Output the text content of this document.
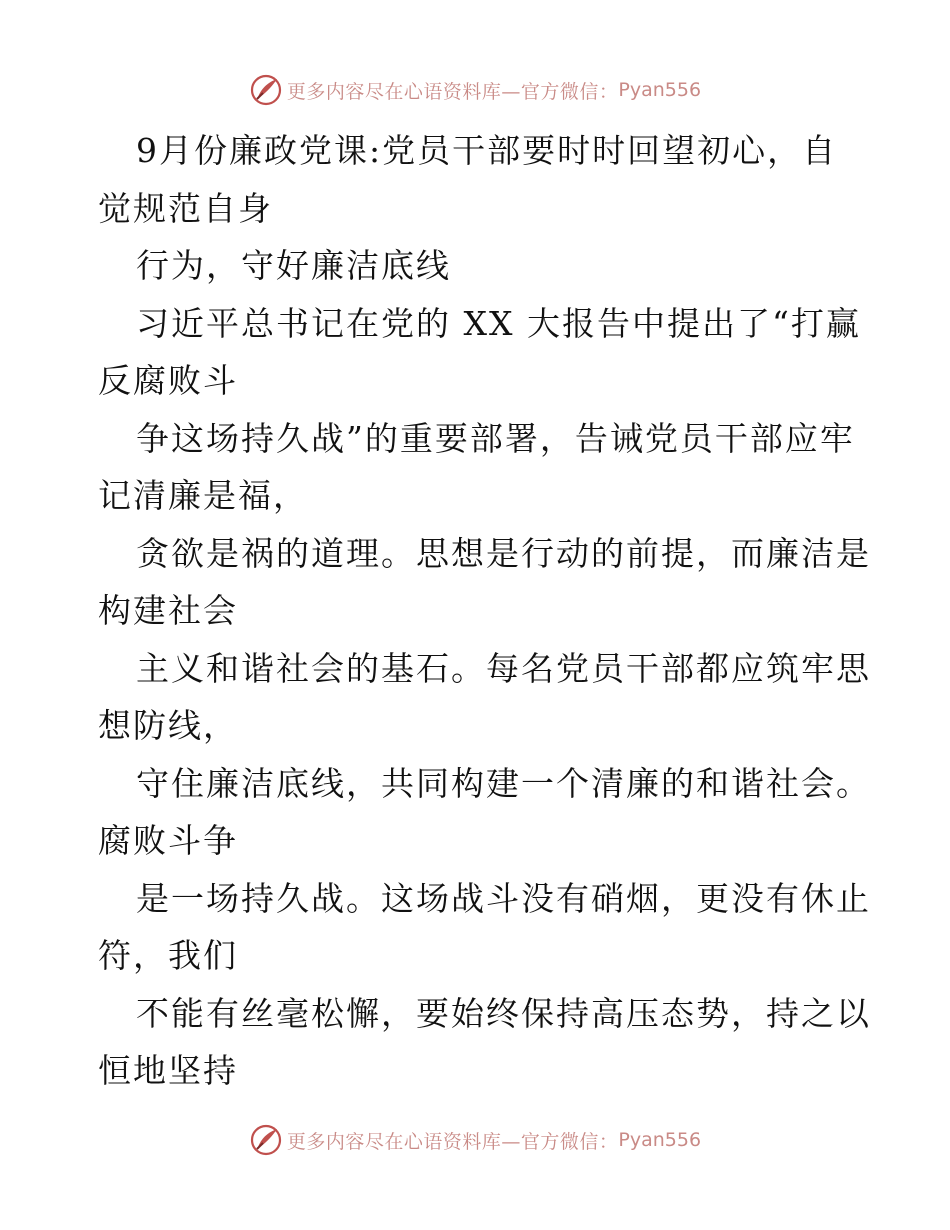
更多内容尽在心语资料库—官方微信： Pyan556
9月份廉政党课:党员干部要时时回望初心，自
觉规范自身
行为，守好廉洁底线
习近平总书记在党的 XX 大报告中提出了“打赢
反腐败斗
争这场持久战”的重要部署，告诫党员干部应牢
记清廉是福，
贪欲是祸的道理。思想是行动的前提，而廉洁是
构建社会
主义和谐社会的基石。每名党员干部都应筑牢思
想防线，
守住廉洁底线，共同构建一个清廉的和谐社会。
腐败斗争
是一场持久战。这场战斗没有硝烟，更没有休止
符，我们
不能有丝毫松懈，要始终保持高压态势，持之以
恒地坚持
更多内容尽在心语资料库—官方微信： Pyan556
